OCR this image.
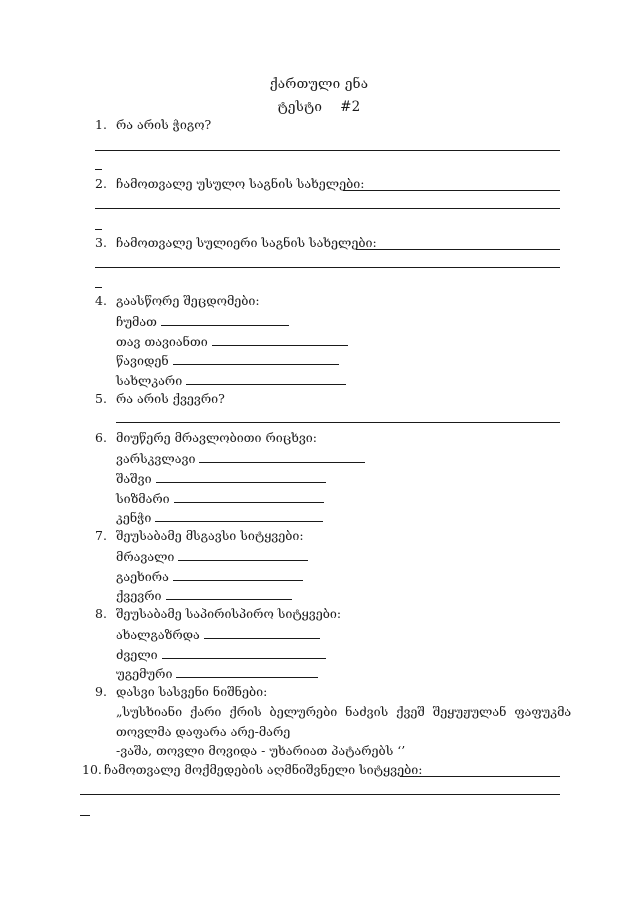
ქართული ენა
ტესტი #2
1. რა არის ჭიგო?
2. ჩამოთვალე უსულო საგნის სახელები:
3. ჩამოთვალე სულიერი საგნის სახელები:
4. გაასწორე შეცდომები:
ჩუმათ
თავ თავიანთი
წავიდენ
სახლკარი
5. რა არის ქვევრი?
6. მიუწერე მრავლობითი რიცხვი:
ვარსკვლავი
შაშვი
სიზმარი
კენჭი
7. შეუსაბამე მსგავსი სიტყვები:
მრავალი
გაეხირა
ქვევრი
8. შეუსაბამე საპირისპირო სიტყვები:
ახალგაზრდა
ძველი
უგემური
9. დასვი სასვენი ნიშნები:
„სუსხიანი ქარი ქრის ბელურები ნაძვის ქვეშ შეყუჟულან ფაფუკმა
თოვლმა დაფარა არე-მარე
-ვაშა, თოვლი მოვიდა - უხარიათ პატარებს ‘’
10. ჩამოთვალე მოქმედების აღმნიშვნელი სიტყვები:
